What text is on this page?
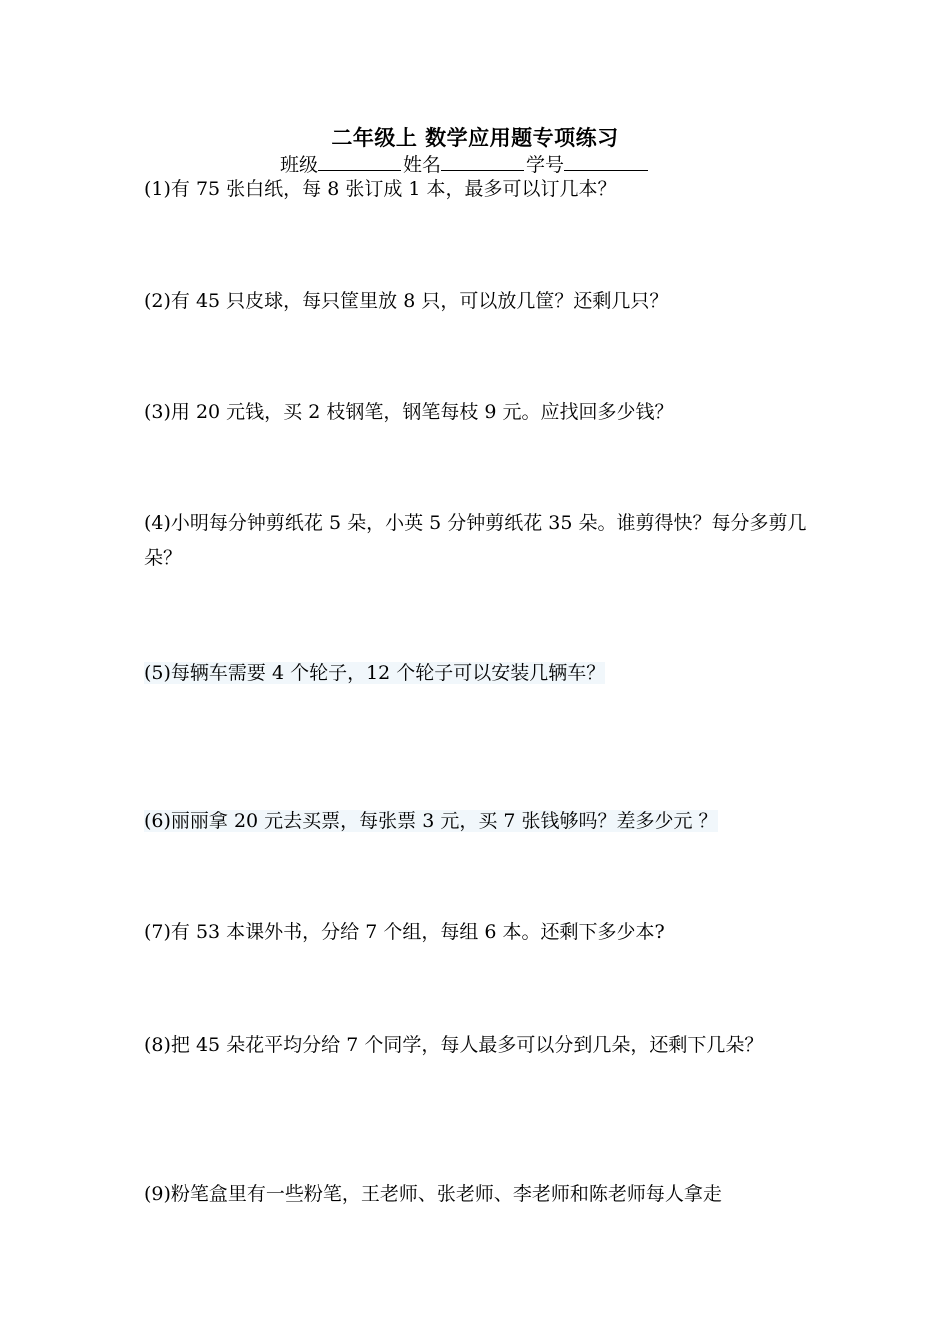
二年级上 数学应用题专项练习
班级	姓名	学号
(1)有 75 张白纸，每 8 张订成 1 本，最多可以订几本？
(2)有 45 只皮球，每只筐里放 8 只，可以放几筐？还剩几只？
(3)用 20 元钱，买 2 枝钢笔，钢笔每枝 9 元。应找回多少钱？
(4)小明每分钟剪纸花 5 朵，小英 5 分钟剪纸花 35 朵。谁剪得快？每分多剪几朵？
(5)每辆车需要 4 个轮子，12 个轮子可以安装几辆车？
(6)丽丽拿 20 元去买票，每张票 3 元，买 7 张钱够吗？差多少元 ？
(7)有 53 本课外书，分给 7 个组，每组 6 本。还剩下多少本?
(8)把 45 朵花平均分给 7 个同学，每人最多可以分到几朵，还剩下几朵？
(9)粉笔盒里有一些粉笔，王老师、张老师、李老师和陈老师每人拿走
